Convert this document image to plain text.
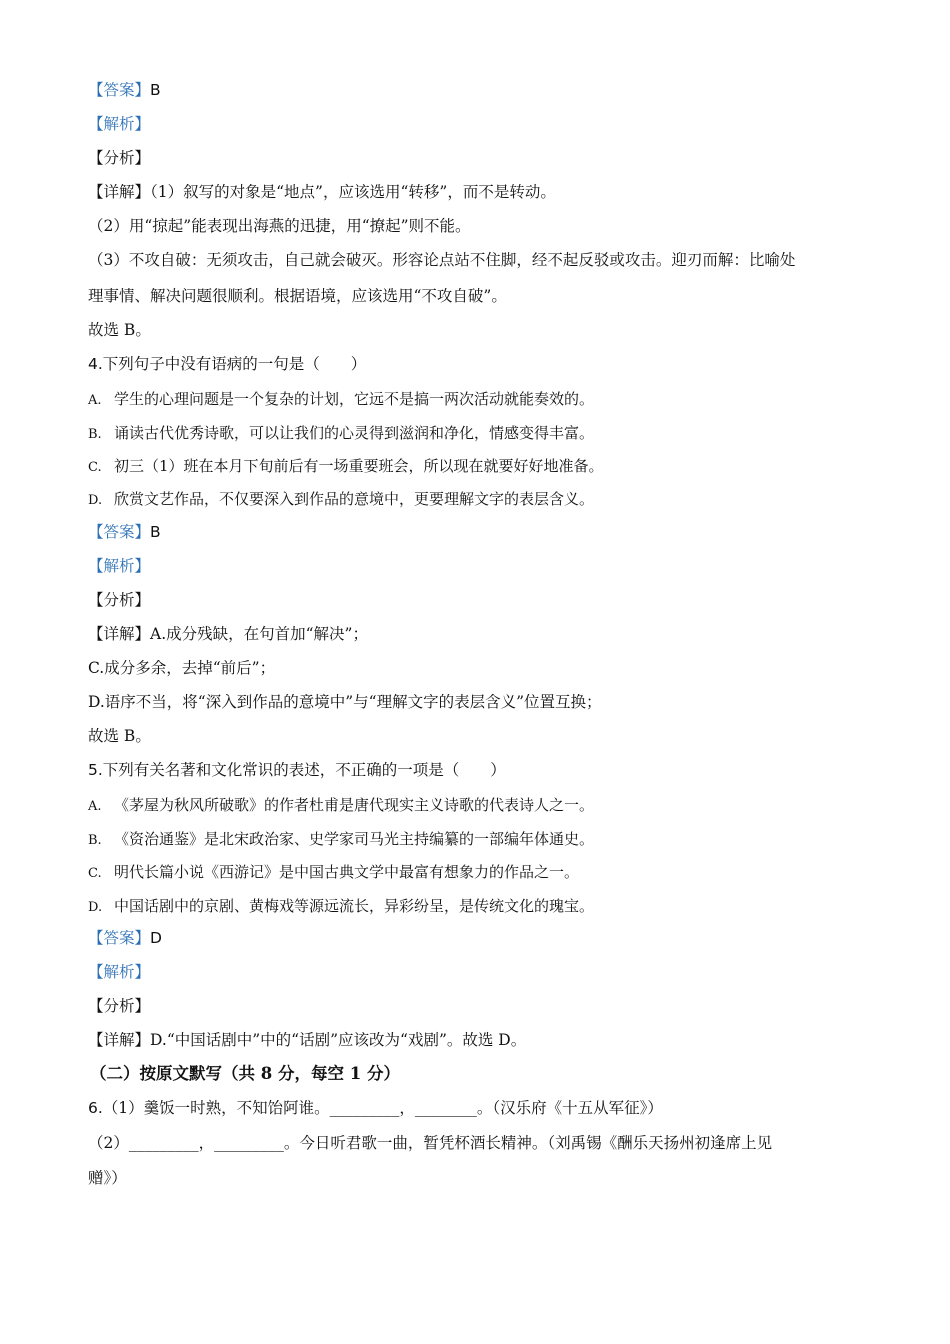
【答案】B
【解析】
【分析】
【详解】（1）叙写的对象是“地点”，应该选用“转移”，而不是转动。
（2）用“掠起”能表现出海燕的迅捷，用“撩起”则不能。
（3）不攻自破：无须攻击，自己就会破灭。形容论点站不住脚，经不起反驳或攻击。迎刃而解：比喻处
理事情、解决问题很顺利。根据语境，应该选用“不攻自破”。
故选 B。
4.下列句子中没有语病的一句是（　　）
A. 学生的心理问题是一个复杂的计划，它远不是搞一两次活动就能奏效的。
B. 诵读古代优秀诗歌，可以让我们的心灵得到滋润和净化，情感变得丰富。
C. 初三（1）班在本月下旬前后有一场重要班会，所以现在就要好好地准备。
D. 欣赏文艺作品，不仅要深入到作品的意境中，更要理解文字的表层含义。
【答案】B
【解析】
【分析】
【详解】A.成分残缺，在句首加“解决”；
C.成分多余，去掉“前后”；
D.语序不当，将“深入到作品的意境中”与“理解文字的表层含义”位置互换；
故选 B。
5.下列有关名著和文化常识的表述，不正确的一项是（　　）
A. 《茅屋为秋风所破歌》的作者杜甫是唐代现实主义诗歌的代表诗人之一。
B. 《资治通鉴》是北宋政治家、史学家司马光主持编纂的一部编年体通史。
C. 明代长篇小说《西游记》是中国古典文学中最富有想象力的作品之一。
D. 中国话剧中的京剧、黄梅戏等源远流长，异彩纷呈，是传统文化的瑰宝。
【答案】D
【解析】
【分析】
【详解】D.“中国话剧中”中的“话剧”应该改为“戏剧”。故选 D。
（二）按原文默写（共 8 分，每空 1 分）
6.（1）羹饭一时熟，不知饴阿谁。_________，________。（汉乐府《十五从军征》）
（2）_________，_________。今日听君歌一曲，暂凭杯酒长精神。（刘禹锡《酬乐天扬州初逢席上见
赠》）
